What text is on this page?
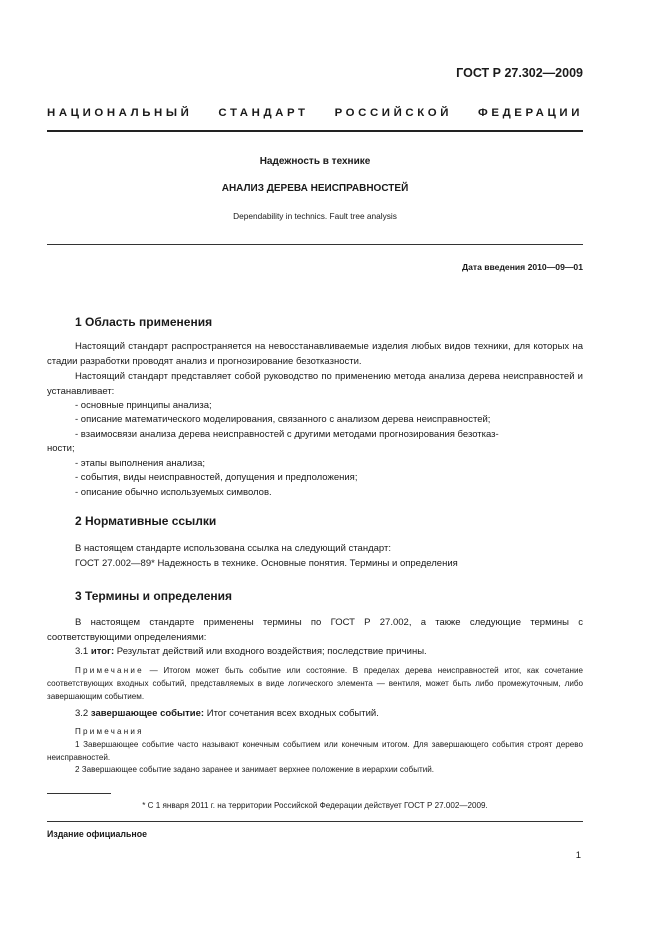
ГОСТ Р 27.302—2009
НАЦИОНАЛЬНЫЙ СТАНДАРТ РОССИЙСКОЙ ФЕДЕРАЦИИ
Надежность в технике
АНАЛИЗ ДЕРЕВА НЕИСПРАВНОСТЕЙ
Dependability in technics. Fault tree analysis
Дата введения 2010—09—01
1 Область применения

Настоящий стандарт распространяется на невосстанавливаемые изделия любых видов техники, для которых на стадии разработки проводят анализ и прогнозирование безотказности.

Настоящий стандарт представляет собой руководство по применению метода анализа дерева неисправностей и устанавливает:

- основные принципы анализа;
- описание математического моделирования, связанного с анализом дерева неисправностей;
- взаимосвязи анализа дерева неисправностей с другими методами прогнозирования безотказ-
ности;
- этапы выполнения анализа;
- события, виды неисправностей, допущения и предположения;
- описание обычно используемых символов.
2 Нормативные ссылки
В настоящем стандарте использована ссылка на следующий стандарт:
ГОСТ 27.002—89* Надежность в технике. Основные понятия. Термины и определения
3 Термины и определения

В настоящем стандарте применены термины по ГОСТ Р 27.002, а также следующие термины с соответствующими определениями:

3.1 итог: Результат действий или входного воздействия; последствие причины.

Примечание — Итогом может быть событие или состояние. В пределах дерева неисправностей итог, как сочетание соответствующих входных событий, представляемых в виде логического элемента — вентиля, может быть либо промежуточным, либо завершающим событием.

3.2 завершающее событие: Итог сочетания всех входных событий.
Примечания

1 Завершающее событие часто называют конечным событием или конечным итогом. Для завершающего события строят дерево неисправностей.

2 Завершающее событие задано заранее и занимает верхнее положение в иерархии событий.

* С 1 января 2011 г. на территории Российской Федерации действует ГОСТ Р 27.002—2009.
Издание официальное
1
